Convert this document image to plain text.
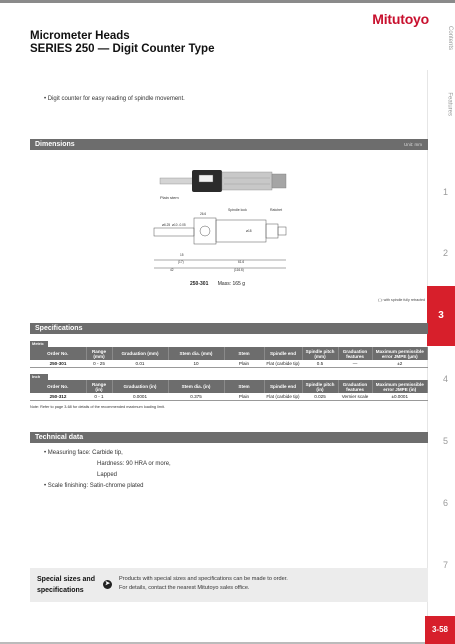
Mitutoyo
Micrometer Heads
SERIES 250 — Digit Counter Type	Contents
Features
1
2
3
4
5
6
7
• Digit counter for easy reading of spindle movement.
Dimensions	Unit: mm
Plain stem
Spindle lock	Ratchet
ø6.25 ø10 -0.05
26.6
ø18
15
(17)
42
61.6
(116.6)
250-301 Mass: 165 g
( ): with spindle fully retracted
Specifications
Metric
Order No.	Range (mm)	Graduation (mm)	Stem dia. (mm)	Stem	Spindle end	Spindle pitch (mm)	Graduation features	Maximum permissible error JMPE (μm)
250-301	0 - 25	0.01	10	Plain	Flat (carbide tip)	0.5	—	±2
Inch
Order No.	Range (in)	Graduation (in)	Stem dia. (in)	Stem	Spindle end	Spindle pitch (in)	Graduation features	Maximum permissible error JMPE (in)
250-312	0 - 1	0.0001	0.375	Plain	Flat (carbide tip)	0.025	Vernier scale	±0.0001
Note: Refer to page 3-68 for details of the recommended maximum loading limit.
Technical data
• Measuring face: Carbide tip,
Hardness: 90 HRA or more,
Lapped
• Scale finishing: Satin-chrome plated
Special sizes and
specifications
➤
Products with special sizes and specifications can be made to order.
For details, contact the nearest Mitutoyo sales office.
3-58
